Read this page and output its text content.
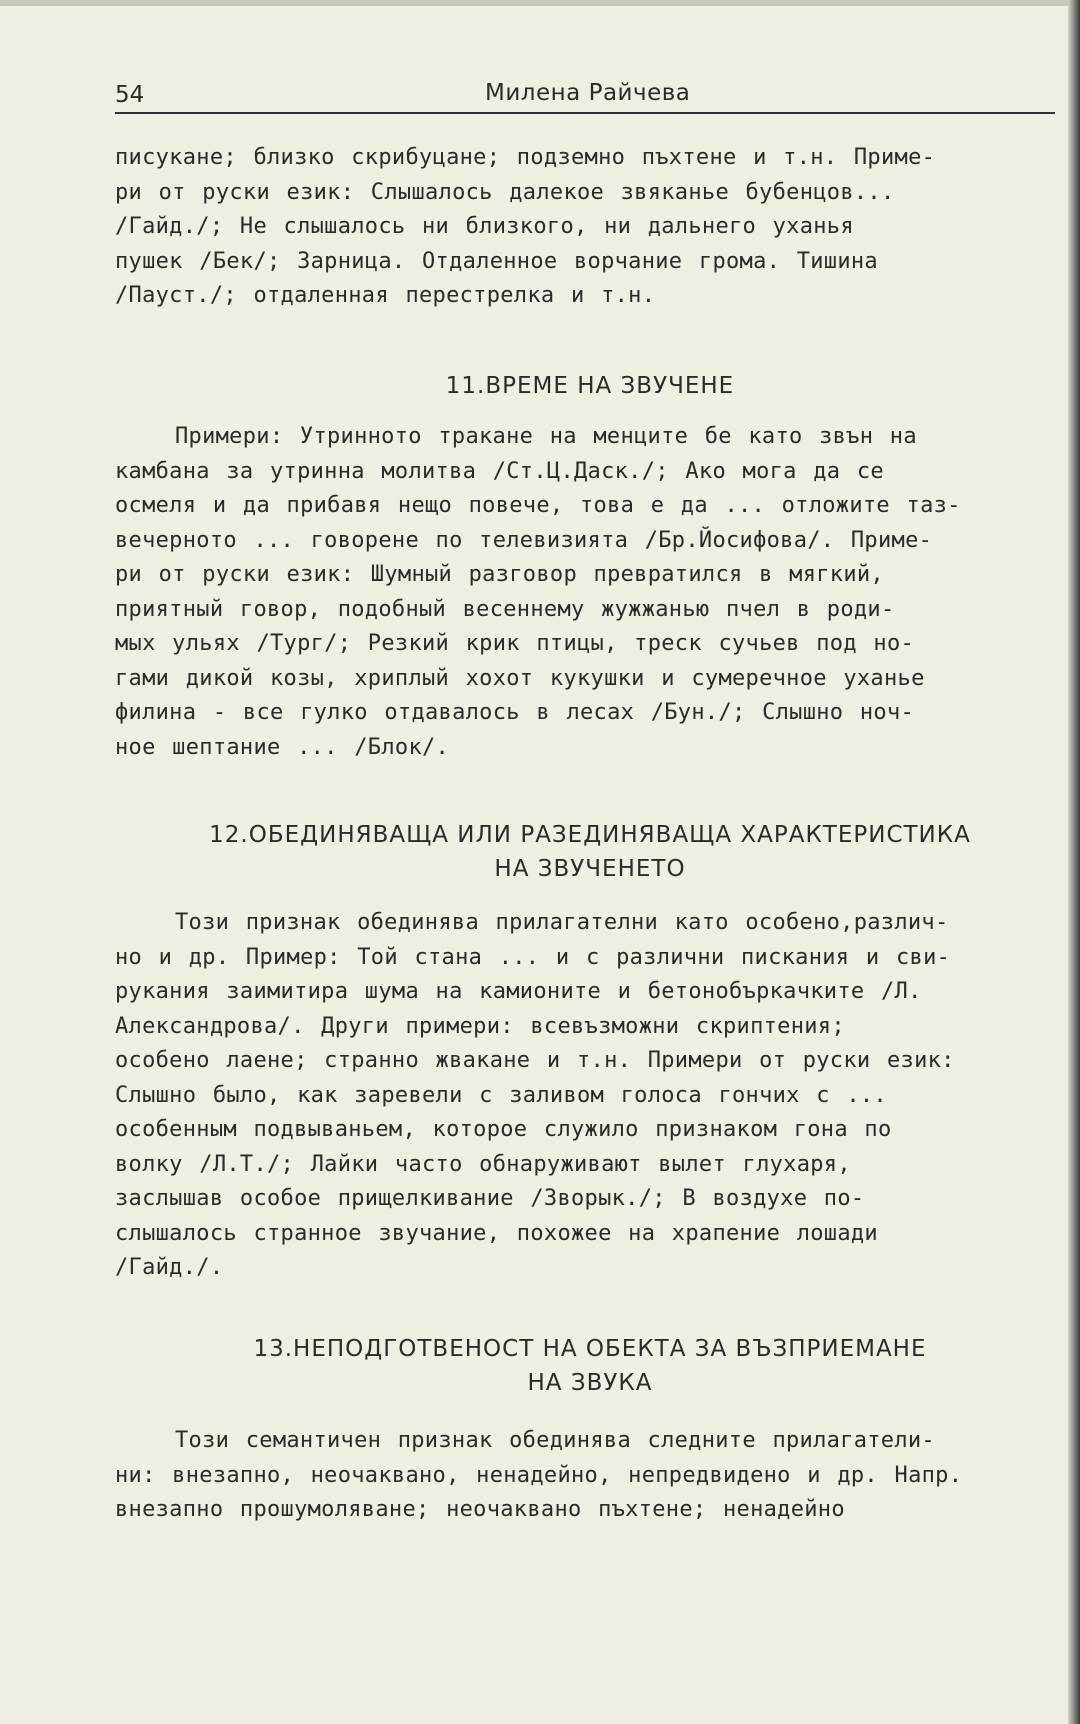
54	Милена Райчева
писукане; близко скрибуцане; подземно пъхтене и т.н. Приме-
ри от руски език: Слышалось далекое звяканье бубенцов...
/Гайд./; Не слышалось ни близкого, ни дальнего уханья
пушек /Бек/; Зарница. Отдаленное ворчание грома. Тишина
/Пауст./; отдаленная перестрелка и т.н.
11.ВРЕМЕ НА ЗВУЧЕНЕ
Примери: Утринното тракане на менците бе като звън на
камбана за утринна молитва /Ст.Ц.Даск./; Ако мога да се
осмеля и да прибавя нещо повече, това е да ... отложите таз-
вечерното ... говорене по телевизията /Бр.Йосифова/. Приме-
ри от руски език: Шумный разговор превратился в мягкий,
приятный говор, подобный весеннему жужжанью пчел в роди-
мых ульях /Тург/; Резкий крик птицы, треск сучьев под но-
гами дикой козы, хриплый хохот кукушки и сумеречное уханье
филина - все гулко отдавалось в лесах /Бун./; Слышно ноч-
ное шептание ... /Блок/.
12.ОБЕДИНЯВАЩА ИЛИ РАЗЕДИНЯВАЩА ХАРАКТЕРИСТИКА
НА ЗВУЧЕНЕТО
Този признак обединява прилагателни като особено,различ-
но и др. Пример: Той стана ... и с различни пискания и сви-
рукания заимитира шума на камионите и бетонобъркачките /Л.
Александрова/. Други примери: всевъзможни скриптения;
особено лаене; странно жвакане и т.н. Примери от руски език:
Слышно было, как заревели с заливом голоса гончих с ...
особенным подвываньем, которое служило признаком гона по
волку /Л.Т./; Лайки часто обнаруживают вылет глухаря,
заслышав особое прищелкивание /Зворык./; В воздухе по-
слышалось странное звучание, похожее на храпение лошади
/Гайд./.
13.НЕПОДГОТВЕНОСТ НА ОБЕКТА ЗА ВЪЗПРИЕМАНЕ
НА ЗВУКА
Този семантичен признак обединява следните прилагатели-
ни: внезапно, неочаквано, ненадейно, непредвидено и др. Напр.
внезапно прошумоляване; неочаквано пъхтене; ненадейно
